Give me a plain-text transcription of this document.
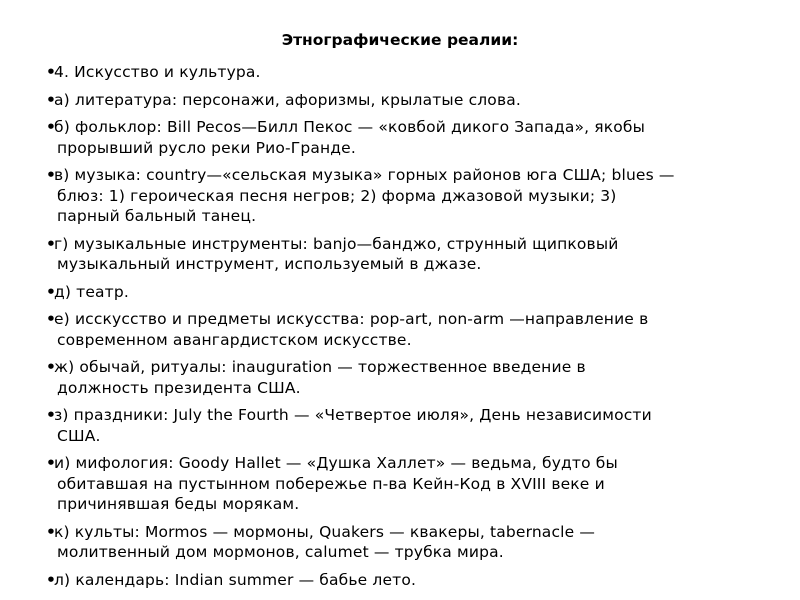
Этнографические реалии:
•
4. Искусство и культура.
•
а) литература: персонажи, афоризмы, крылатые слова.
•
б) фольклор: Bill Pecos—Билл Пекос — «ковбой дикого Запада», якобы
прорывший русло реки Рио-Гранде.
•
в) музыка: country—«сельская музыка» горных районов юга США; blues —
блюз: 1) героическая песня негров; 2) форма джазовой музыки; 3)
парный бальный танец.
•
г) музыкальные инструменты: banjo—банджо, струнный щипковый
музыкальный инструмент, используемый в джазе.
•
д) театр.
•
е) исскусство и предметы искусства: pop-art, non-arm —направление в
современном авангардистском искусстве.
•
ж) обычай, ритуалы: inauguration — торжественное введение в
должность президента США.
•
з) праздники: July the Fourth — «Четвертое июля», День независимости
США.
•
и) мифология: Goody Hallet — «Душка Халлет» — ведьма, будто бы
обитавшая на пустынном побережье п-ва Кейн-Код в XVIII веке и
причинявшая беды морякам.
•
к) культы: Mormos — мормоны, Quakers — квакеры, tabernacle —
молитвенный дом мормонов, calumet — трубка мира.
•
л) календарь: Indian summer — бабье лето.
